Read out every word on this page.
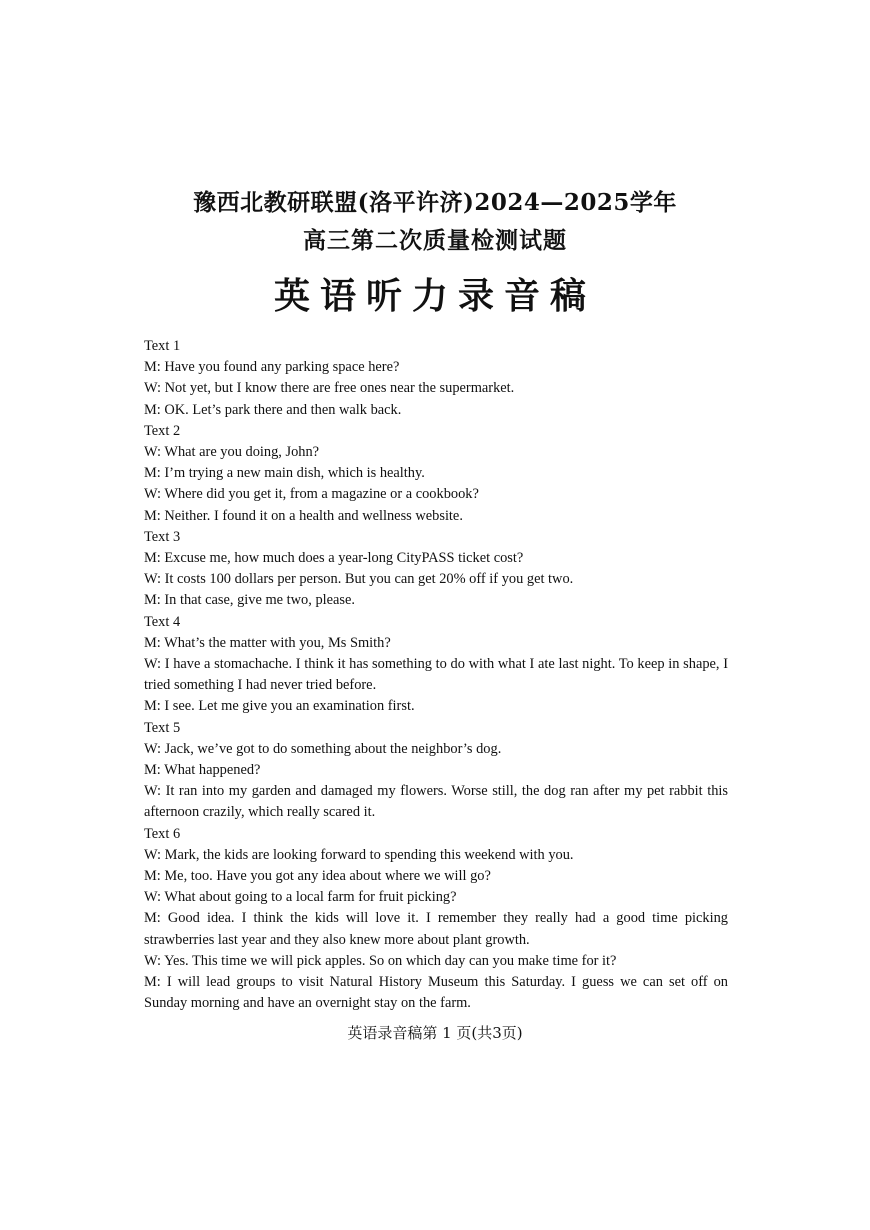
豫西北教研联盟(洛平许济)2024—2025学年
高三第二次质量检测试题
英语听力录音稿

Text 1

M: Have you found any parking space here?

W: Not yet, but I know there are free ones near the supermarket.

M: OK. Let’s park there and then walk back.

Text 2

W: What are you doing, John?

M: I’m trying a new main dish, which is healthy.

W: Where did you get it, from a magazine or a cookbook?

M: Neither. I found it on a health and wellness website.

Text 3

M: Excuse me, how much does a year-long CityPASS ticket cost?

W: It costs 100 dollars per person. But you can get 20% off if you get two.

M: In that case, give me two, please.

Text 4

M: What’s the matter with you, Ms Smith?

W: I have a stomachache. I think it has something to do with what I ate last night. To keep in shape, I tried something I had never tried before.

M: I see. Let me give you an examination first.

Text 5

W: Jack, we’ve got to do something about the neighbor’s dog.

M: What happened?

W: It ran into my garden and damaged my flowers. Worse still, the dog ran after my pet rabbit this afternoon crazily, which really scared it.

Text 6

W: Mark, the kids are looking forward to spending this weekend with you.

M: Me, too. Have you got any idea about where we will go?

W: What about going to a local farm for fruit picking?

M: Good idea. I think the kids will love it. I remember they really had a good time picking strawberries last year and they also knew more about plant growth.

W: Yes. This time we will pick apples. So on which day can you make time for it?

M: I will lead groups to visit Natural History Museum this Saturday. I guess we can set off on Sunday morning and have an overnight stay on the farm.

英语录音稿第 1 页(共3页)
